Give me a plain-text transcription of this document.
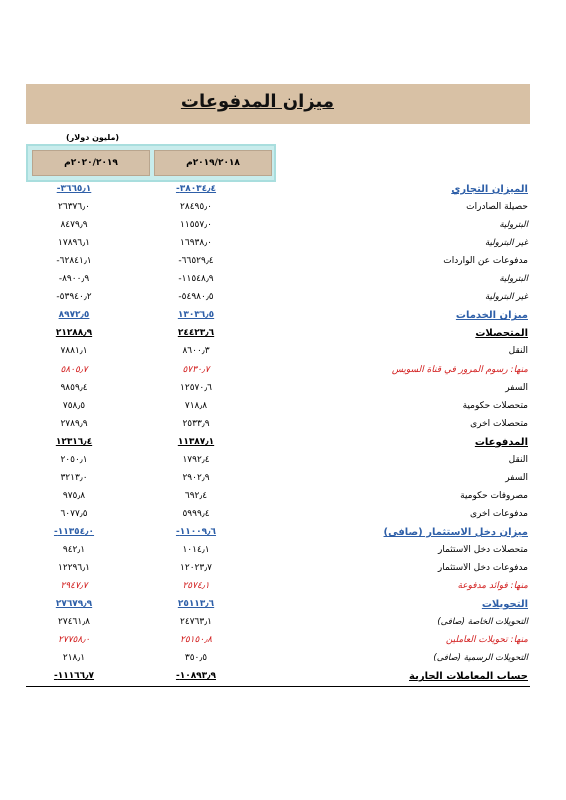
ميزان المدفوعات
(مليون دولار)
٢٠٢٠/٢٠١٩م	٢٠١٩/٢٠١٨م
الميزان التجاري
-٣٨٠٣٤٫٤
-٣٦٦٥٫١
حصيلة الصادرات
٢٨٤٩٥٫٠
٢٦٣٧٦٫٠
البترولية
١١٥٥٧٫٠
٨٤٧٩٫٩
غير البترولية
١٦٩٣٨٫٠
١٧٨٩٦٫١
مدفوعات عن الواردات
-٦٦٥٢٩٫٤
-٦٢٨٤١٫١
البترولية
-١١٥٤٨٫٩
-٨٩٠٠٫٩
غير البترولية
-٥٤٩٨٠٫٥
-٥٣٩٤٠٫٢
ميزان الخدمات
١٣٠٣٦٫٥
٨٩٧٢٫٥
المتحصلات
٢٤٤٢٣٫٦
٢١٢٨٨٫٩
النقل
٨٦٠٠٫٣
٧٨٨١٫١
منها: رسوم المرور في قناة السويس
٥٧٣٠٫٧
٥٨٠٥٫٧
السفر
١٢٥٧٠٫٦
٩٨٥٩٫٤
متحصلات حكومية
٧١٨٫٨
٧٥٨٫٥
متحصلات اخرى
٢٥٣٣٫٩
٢٧٨٩٫٩
المدفوعات
١١٣٨٧٫١
١٢٣١٦٫٤
النقل
١٧٩٢٫٤
٢٠٥٠٫١
السفر
٢٩٠٢٫٩
٣٢١٣٫٠
مصروفات حكومية
٦٩٢٫٤
٩٧٥٫٨
مدفوعات اخرى
٥٩٩٩٫٤
٦٠٧٧٫٥
ميزان دخل الاستثمار (صافى)
-١١٠٠٩٫٦
-١١٣٥٤٫٠
متحصلات دخل الاستثمار
١٠١٤٫١
٩٤٢٫١
مدفوعات دخل الاستثمار
١٢٠٢٣٫٧
١٢٢٩٦٫١
منها: فوائد مدفوعة
٢٥٧٤٫١
٢٩٤٧٫٧
التحويلات
٢٥١١٣٫٦
٢٧٦٧٩٫٩
التحويلات الخاصة (صافى)
٢٤٧٦٣٫١
٢٧٤٦١٫٨
منها: تحويلات العاملين
٢٥١٥٠٫٨
٢٧٧٥٨٫٠
التحويلات الرسمية (صافى)
٣٥٠٫٥
٢١٨٫١
حساب المعاملات الجارية
-١٠٨٩٣٫٩
-١١١٦٦٫٧
